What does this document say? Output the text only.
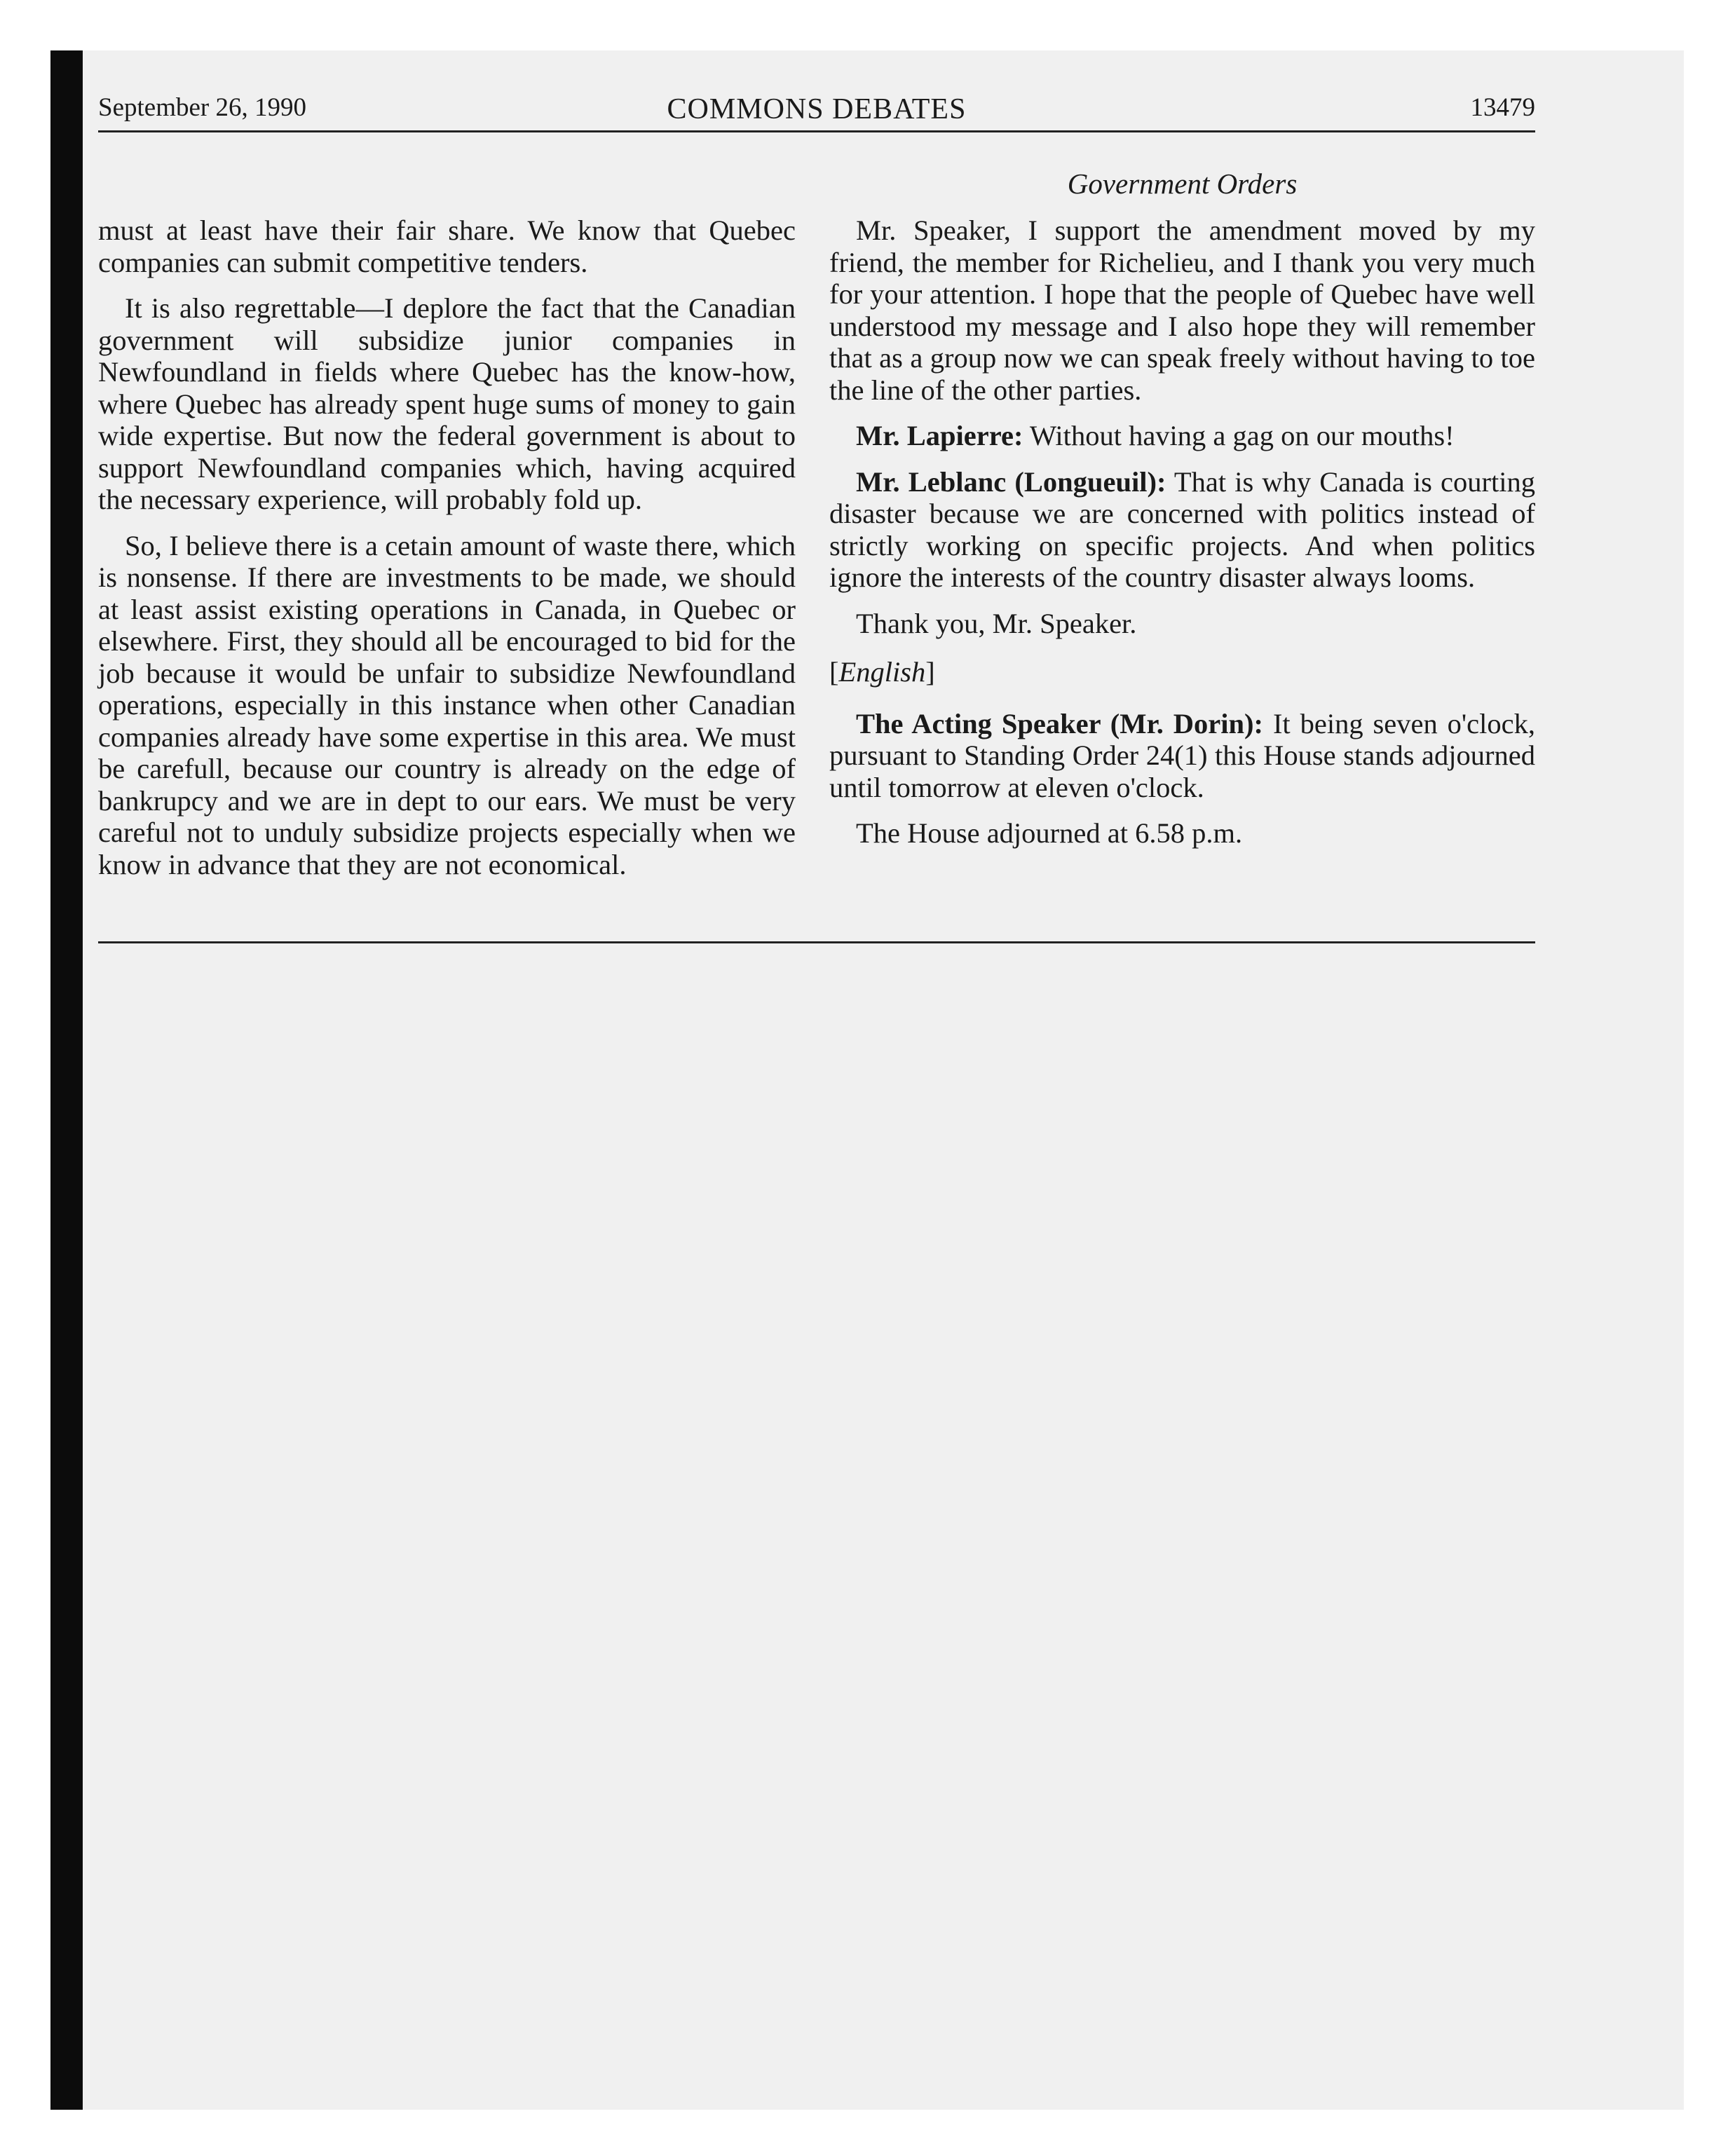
September 26, 1990	COMMONS DEBATES	13479
Government Orders

must at least have their fair share. We know that Quebec companies can submit competitive tenders.

It is also regrettable—I deplore the fact that the Canadian government will subsidize junior companies in Newfoundland in fields where Quebec has the know-how, where Quebec has already spent huge sums of money to gain wide expertise. But now the federal government is about to support Newfoundland companies which, having acquired the necessary experience, will probably fold up.

So, I believe there is a cetain amount of waste there, which is nonsense. If there are investments to be made, we should at least assist existing operations in Canada, in Quebec or elsewhere. First, they should all be encouraged to bid for the job because it would be unfair to subsidize Newfoundland operations, especially in this instance when other Canadian companies already have some expertise in this area. We must be carefull, because our country is already on the edge of bankrupcy and we are in dept to our ears. We must be very careful not to unduly subsidize projects especially when we know in advance that they are not economical.

Mr. Speaker, I support the amendment moved by my friend, the member for Richelieu, and I thank you very much for your attention. I hope that the people of Quebec have well understood my message and I also hope they will remember that as a group now we can speak freely without having to toe the line of the other parties.

Mr. Lapierre: Without having a gag on our mouths!

Mr. Leblanc (Longueuil): That is why Canada is courting disaster because we are concerned with politics instead of strictly working on specific projects. And when politics ignore the interests of the country disaster always looms.

Thank you, Mr. Speaker.

[English]

The Acting Speaker (Mr. Dorin): It being seven o'clock, pursuant to Standing Order 24(1) this House stands adjourned until tomorrow at eleven o'clock.

The House adjourned at 6.58 p.m.
